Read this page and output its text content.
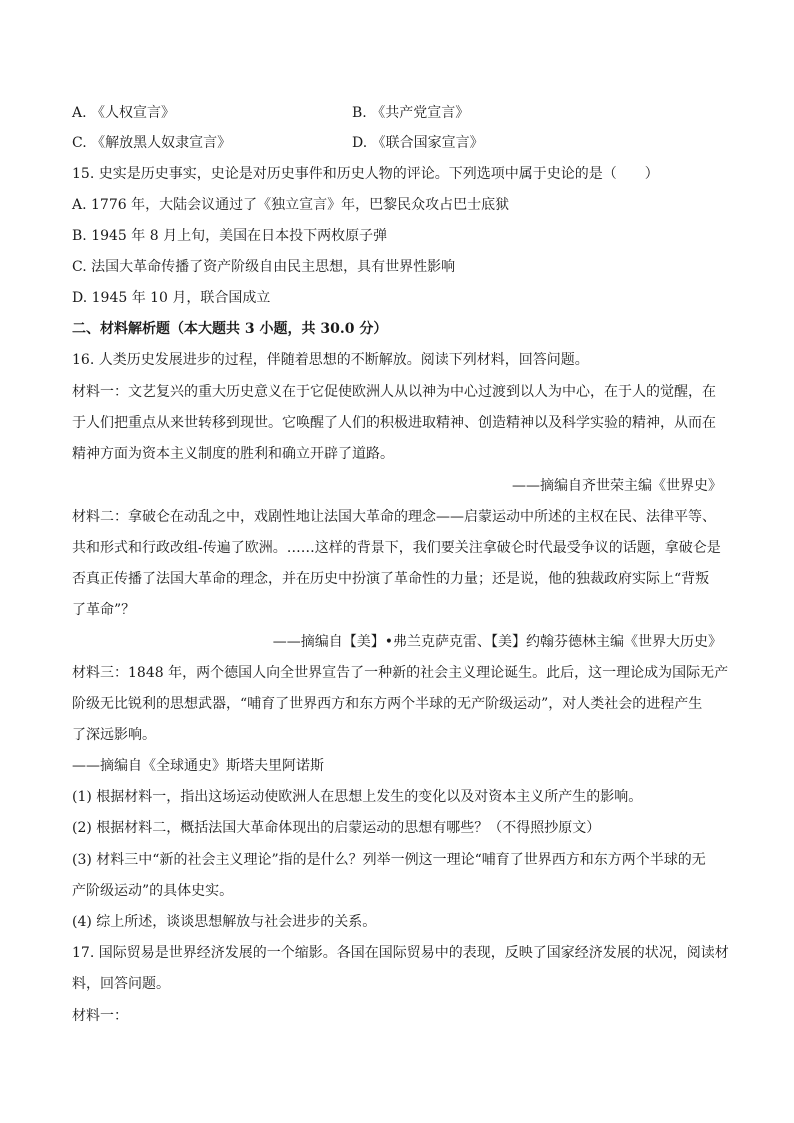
A. 《人权宣言》	B. 《共产党宣言》
C. 《解放黑人奴隶宣言》	D. 《联合国家宣言》
15. 史实是历史事实，史论是对历史事件和历史人物的评论。下列选项中属于史论的是（　　）
A. 1776 年，大陆会议通过了《独立宣言》年，巴黎民众攻占巴士底狱
B. 1945 年 8 月上旬，美国在日本投下两枚原子弹
C. 法国大革命传播了资产阶级自由民主思想，具有世界性影响
D. 1945 年 10 月，联合国成立
二、材料解析题（本大题共 3 小题，共 30.0 分）
16. 人类历史发展进步的过程，伴随着思想的不断解放。阅读下列材料，回答问题。
材料一：文艺复兴的重大历史意义在于它促使欧洲人从以神为中心过渡到以人为中心，在于人的觉醒，在
于人们把重点从来世转移到现世。它唤醒了人们的积极进取精神、创造精神以及科学实验的精神，从而在
精神方面为资本主义制度的胜利和确立开辟了道路。
——摘编自齐世荣主编《世界史》
材料二：拿破仑在动乱之中，戏剧性地让法国大革命的理念——启蒙运动中所述的主权在民、法律平等、
共和形式和行政改组-传遍了欧洲。……这样的背景下，我们要关注拿破仑时代最受争议的话题，拿破仑是
否真正传播了法国大革命的理念，并在历史中扮演了革命性的力量；还是说，他的独裁政府实际上“背叛
了革命”？
——摘编自【美】•弗兰克萨克雷、【美】约翰芬德林主编《世界大历史》
材料三：1848 年，两个德国人向全世界宣告了一种新的社会主义理论诞生。此后，这一理论成为国际无产
阶级无比锐利的思想武器，“哺育了世界西方和东方两个半球的无产阶级运动”，对人类社会的进程产生
了深远影响。
——摘编自《全球通史》斯塔夫里阿诺斯
(1) 根据材料一，指出这场运动使欧洲人在思想上发生的变化以及对资本主义所产生的影响。
(2) 根据材料二，概括法国大革命体现出的启蒙运动的思想有哪些？（不得照抄原文）
(3) 材料三中“新的社会主义理论”指的是什么？列举一例这一理论“哺育了世界西方和东方两个半球的无
产阶级运动”的具体史实。
(4) 综上所述，谈谈思想解放与社会进步的关系。
17. 国际贸易是世界经济发展的一个缩影。各国在国际贸易中的表现，反映了国家经济发展的状况，阅读材
料，回答问题。
材料一：
